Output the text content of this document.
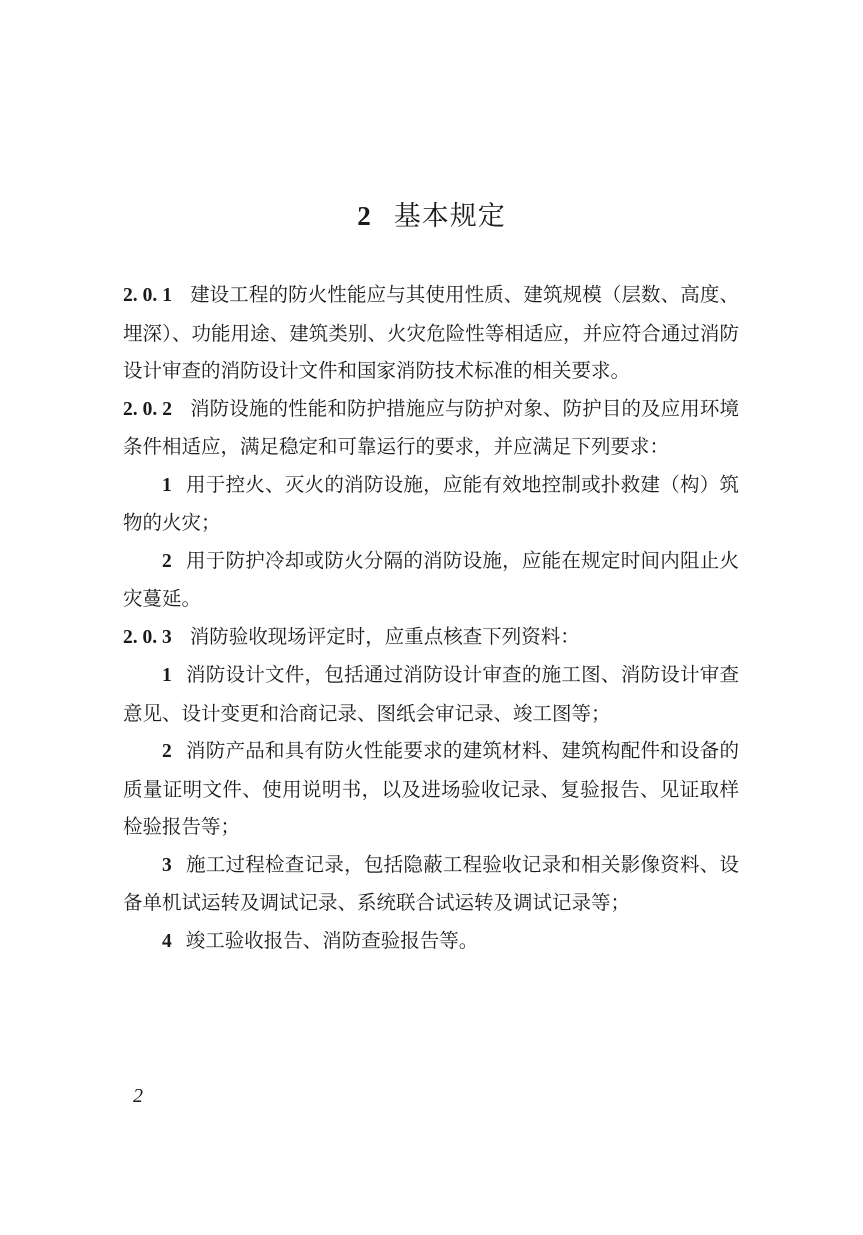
2 基本规定

2. 0. 1 建设工程的防火性能应与其使用性质、建筑规模（层数、高度、埋深）、功能用途、建筑类别、火灾危险性等相适应，并应符合通过消防设计审查的消防设计文件和国家消防技术标准的相关要求。

2. 0. 2 消防设施的性能和防护措施应与防护对象、防护目的及应用环境条件相适应，满足稳定和可靠运行的要求，并应满足下列要求：

1 用于控火、灭火的消防设施，应能有效地控制或扑救建（构）筑物的火灾；

2 用于防护冷却或防火分隔的消防设施，应能在规定时间内阻止火灾蔓延。

2. 0. 3 消防验收现场评定时，应重点核查下列资料：

1 消防设计文件，包括通过消防设计审查的施工图、消防设计审查意见、设计变更和洽商记录、图纸会审记录、竣工图等；

2 消防产品和具有防火性能要求的建筑材料、建筑构配件和设备的质量证明文件、使用说明书，以及进场验收记录、复验报告、见证取样检验报告等；

3 施工过程检查记录，包括隐蔽工程验收记录和相关影像资料、设备单机试运转及调试记录、系统联合试运转及调试记录等；

4 竣工验收报告、消防查验报告等。

2
